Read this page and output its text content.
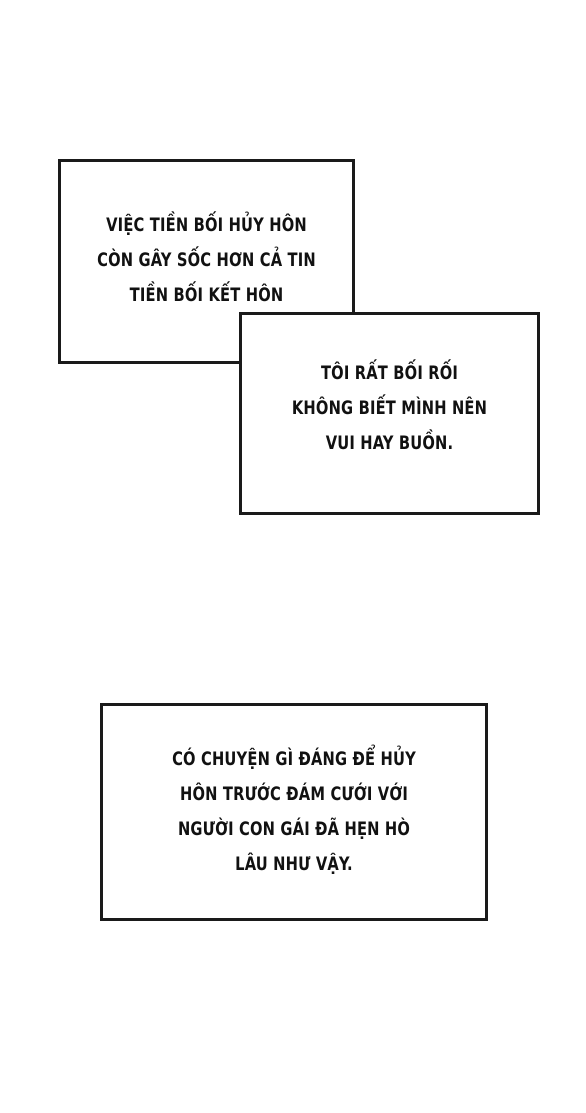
VIỆC TIỀN BỐI HỦY HÔN
CÒN GÂY SỐC HƠN CẢ TIN
TIỀN BỐI KẾT HÔN
TÔI RẤT BỐI RỐI
KHÔNG BIẾT MÌNH NÊN
VUI HAY BUỒN.
CÓ CHUYỆN GÌ ĐÁNG ĐỂ HỦY
HÔN TRƯỚC ĐÁM CƯỚI VỚI
NGƯỜI CON GÁI ĐÃ HẸN HÒ
LÂU NHƯ VẬY.
